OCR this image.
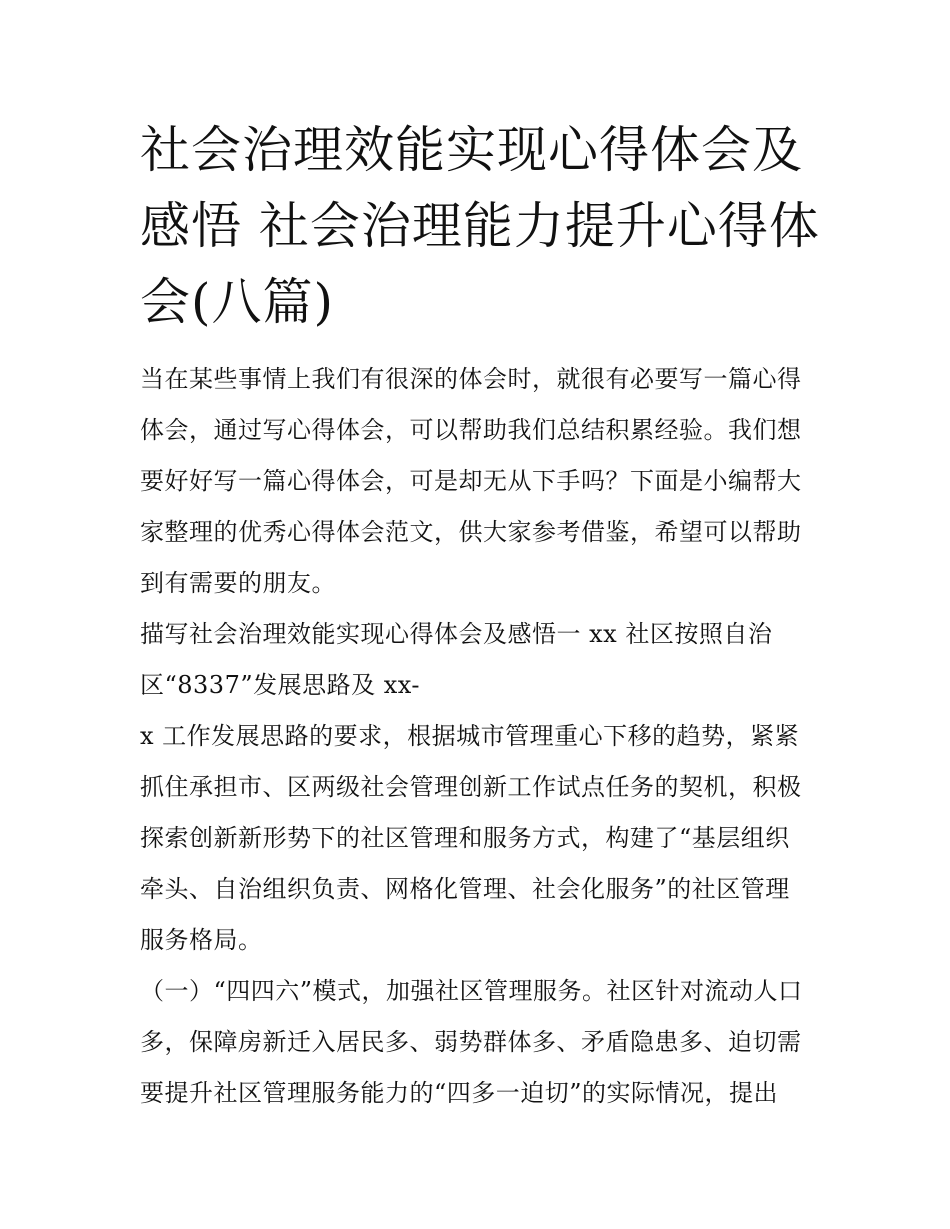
社会治理效能实现心得体会及
感悟 社会治理能力提升心得体
会(八篇)
当在某些事情上我们有很深的体会时，就很有必要写一篇心得
体会，通过写心得体会，可以帮助我们总结积累经验。我们想
要好好写一篇心得体会，可是却无从下手吗？下面是小编帮大
家整理的优秀心得体会范文，供大家参考借鉴，希望可以帮助
到有需要的朋友。
描写社会治理效能实现心得体会及感悟一 xx 社区按照自治
区“8337”发展思路及 xx-
x 工作发展思路的要求，根据城市管理重心下移的趋势，紧紧
抓住承担市、区两级社会管理创新工作试点任务的契机，积极
探索创新新形势下的社区管理和服务方式，构建了“基层组织
牵头、自治组织负责、网格化管理、社会化服务”的社区管理
服务格局。
（一）“四四六”模式，加强社区管理服务。社区针对流动人口
多，保障房新迁入居民多、弱势群体多、矛盾隐患多、迫切需
要提升社区管理服务能力的“四多一迫切”的实际情况，提出
